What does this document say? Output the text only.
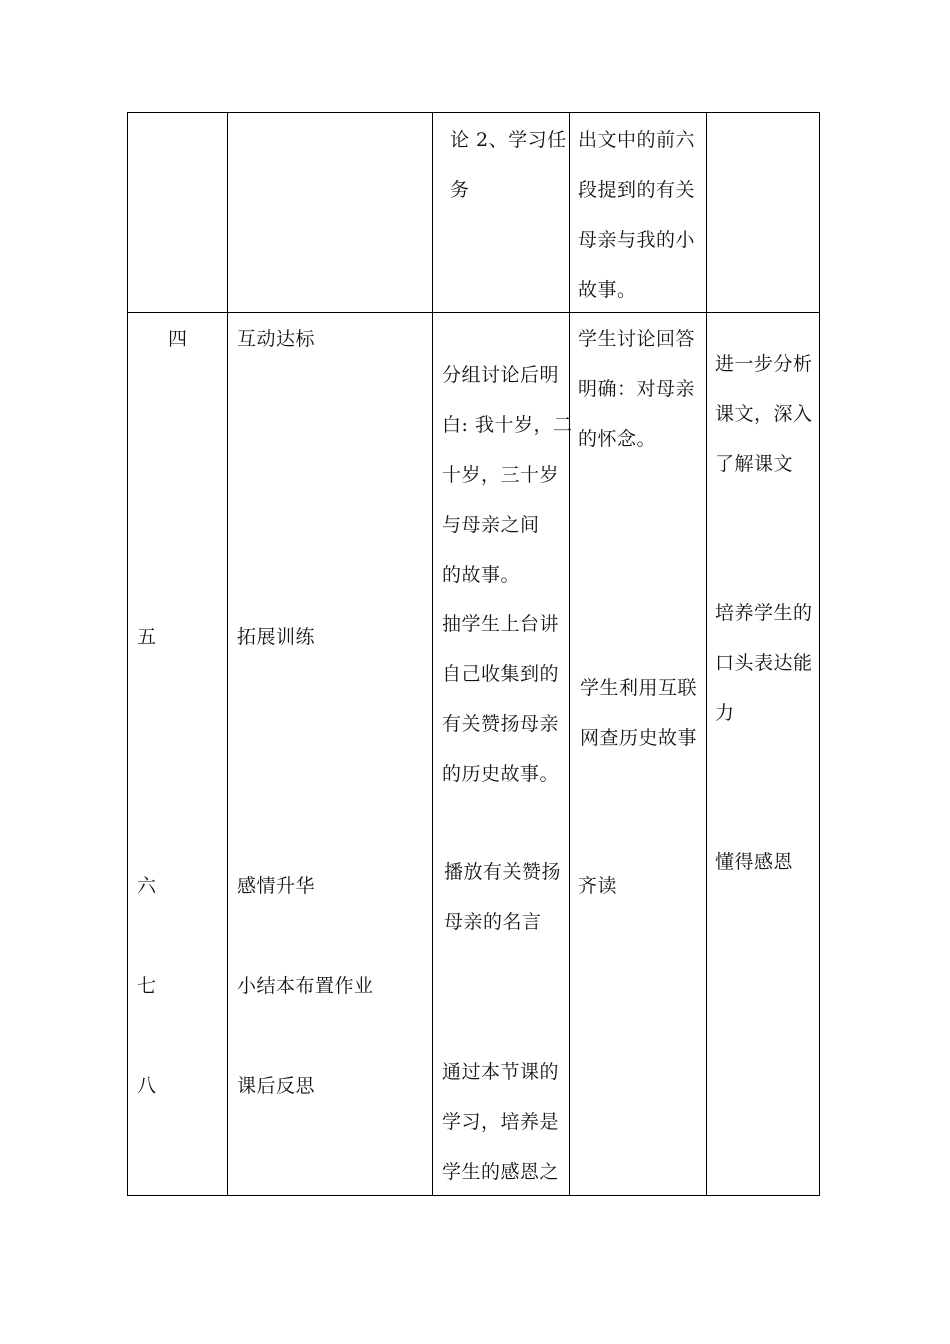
论 2、学习任
务

出文中的前六
段提到的有关
母亲与我的小
故事。

四

五

六

七

八

互动达标

拓展训练

感情升华

小结本布置作业

课后反思

分组讨论后明
白: 我十岁，二
十岁，三十岁
与母亲之间
的故事。

抽学生上台讲
自己收集到的
有关赞扬母亲
的历史故事。

播放有关赞扬
母亲的名言

通过本节课的
学习，培养是
学生的感恩之

学生讨论回答
明确：对母亲
的怀念。

学生利用互联
网查历史故事

齐读

进一步分析
课文，深入
了解课文

培养学生的
口头表达能
力

懂得感恩
